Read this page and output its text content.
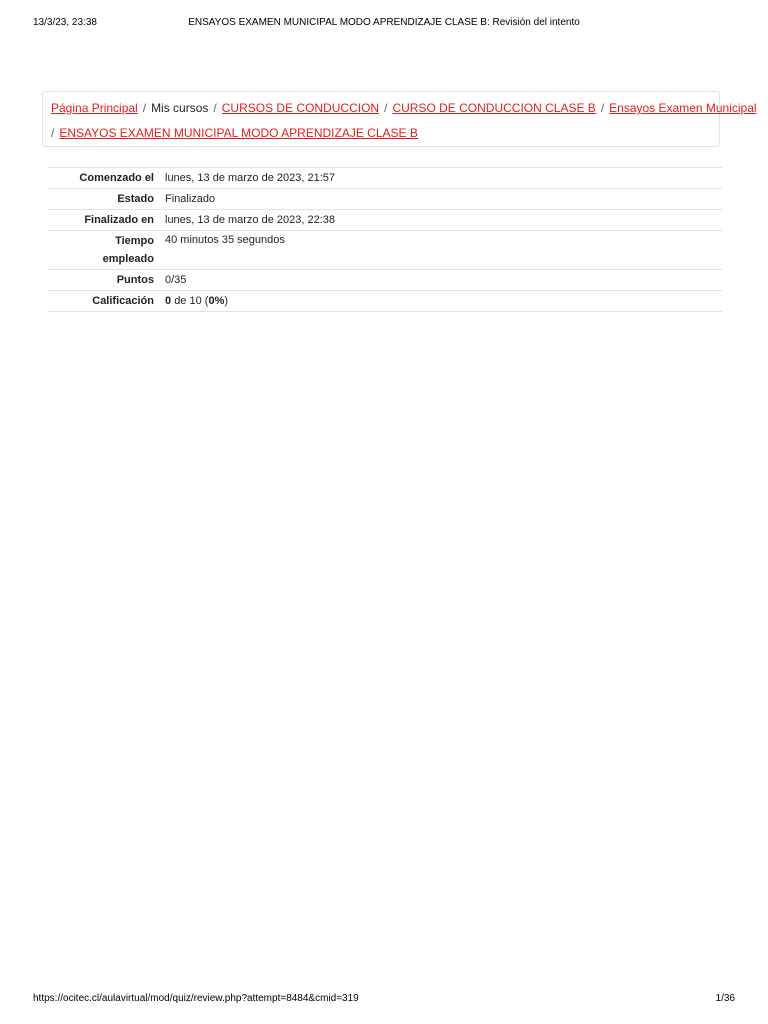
13/3/23, 23:38	ENSAYOS EXAMEN MUNICIPAL MODO APRENDIZAJE CLASE B: Revisión del intento
Página Principal / Mis cursos / CURSOS DE CONDUCCION / CURSO DE CONDUCCION CLASE B / Ensayos Examen Municipal
/ ENSAYOS EXAMEN MUNICIPAL MODO APRENDIZAJE CLASE B
Comenzado el	lunes, 13 de marzo de 2023, 21:57
Estado	Finalizado
Finalizado en	lunes, 13 de marzo de 2023, 22:38
Tiempo
empleado	40 minutos 35 segundos
Puntos	0/35
Calificación	0 de 10 (0%)
https://ocitec.cl/aulavirtual/mod/quiz/review.php?attempt=8484&cmid=319	1/36
